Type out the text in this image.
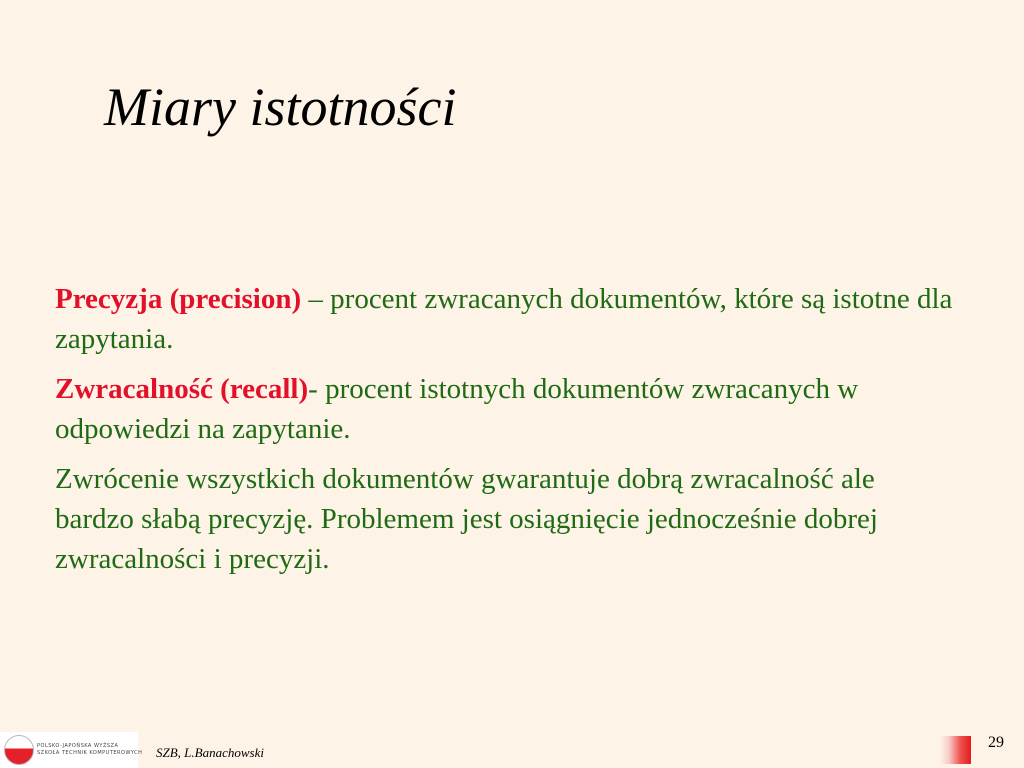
Miary istotności

Precyzja (precision) – procent zwracanych dokumentów, które są istotne dla zapytania.

Zwracalność (recall)- procent istotnych dokumentów zwracanych w odpowiedzi na zapytanie.

Zwrócenie wszystkich dokumentów gwarantuje dobrą zwracalność ale bardzo słabą precyzję. Problemem jest osiągnięcie jednocześnie dobrej zwracalności i precyzji.

POLSKO-JAPOŃSKA WYŻSZA
SZKOŁA TECHNIK KOMPUTEROWYCH SZB, L.Banachowski
29
